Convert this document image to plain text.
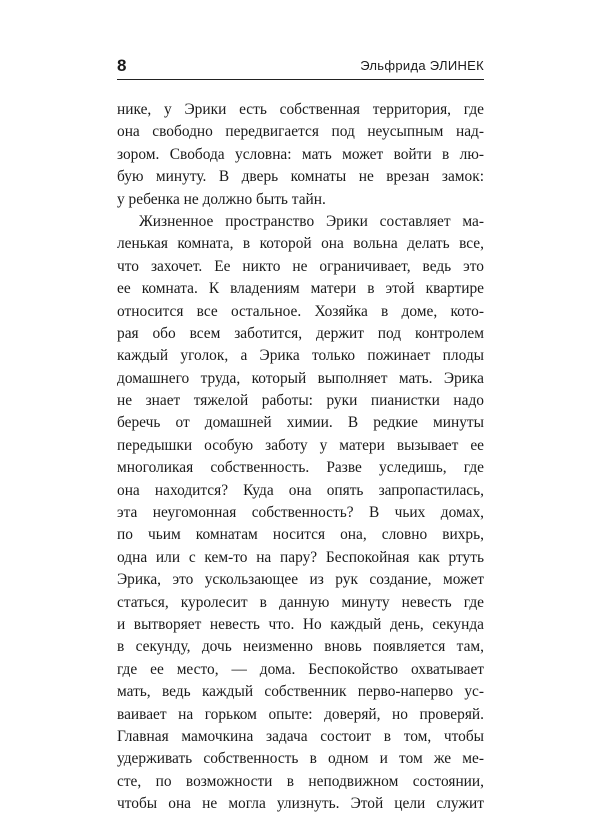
8	Эльфрида ЭЛИНЕК
нике, у Эрики есть собственная территория, где
она свободно передвигается под неусыпным над-
зором. Свобода условна: мать может войти в лю-
бую минуту. В дверь комнаты не врезан замок:
у ребенка не должно быть тайн.
Жизненное пространство Эрики составляет ма-
ленькая комната, в которой она вольна делать все,
что захочет. Ее никто не ограничивает, ведь это
ее комната. К владениям матери в этой квартире
относится все остальное. Хозяйка в доме, кото-
рая обо всем заботится, держит под контролем
каждый уголок, а Эрика только пожинает плоды
домашнего труда, который выполняет мать. Эрика
не знает тяжелой работы: руки пианистки надо
беречь от домашней химии. В редкие минуты
передышки особую заботу у матери вызывает ее
многоликая собственность. Разве уследишь, где
она находится? Куда она опять запропастилась,
эта неугомонная собственность? В чьих домах,
по чьим комнатам носится она, словно вихрь,
одна или с кем-то на пару? Беспокойная как ртуть
Эрика, это ускользающее из рук создание, может
статься, куролесит в данную минуту невесть где
и вытворяет невесть что. Но каждый день, секунда
в секунду, дочь неизменно вновь появляется там,
где ее место, — дома. Беспокойство охватывает
мать, ведь каждый собственник перво-наперво ус-
ваивает на горьком опыте: доверяй, но проверяй.
Главная мамочкина задача состоит в том, чтобы
удерживать собственность в одном и том же ме-
сте, по возможности в неподвижном состоянии,
чтобы она не могла улизнуть. Этой цели служит
